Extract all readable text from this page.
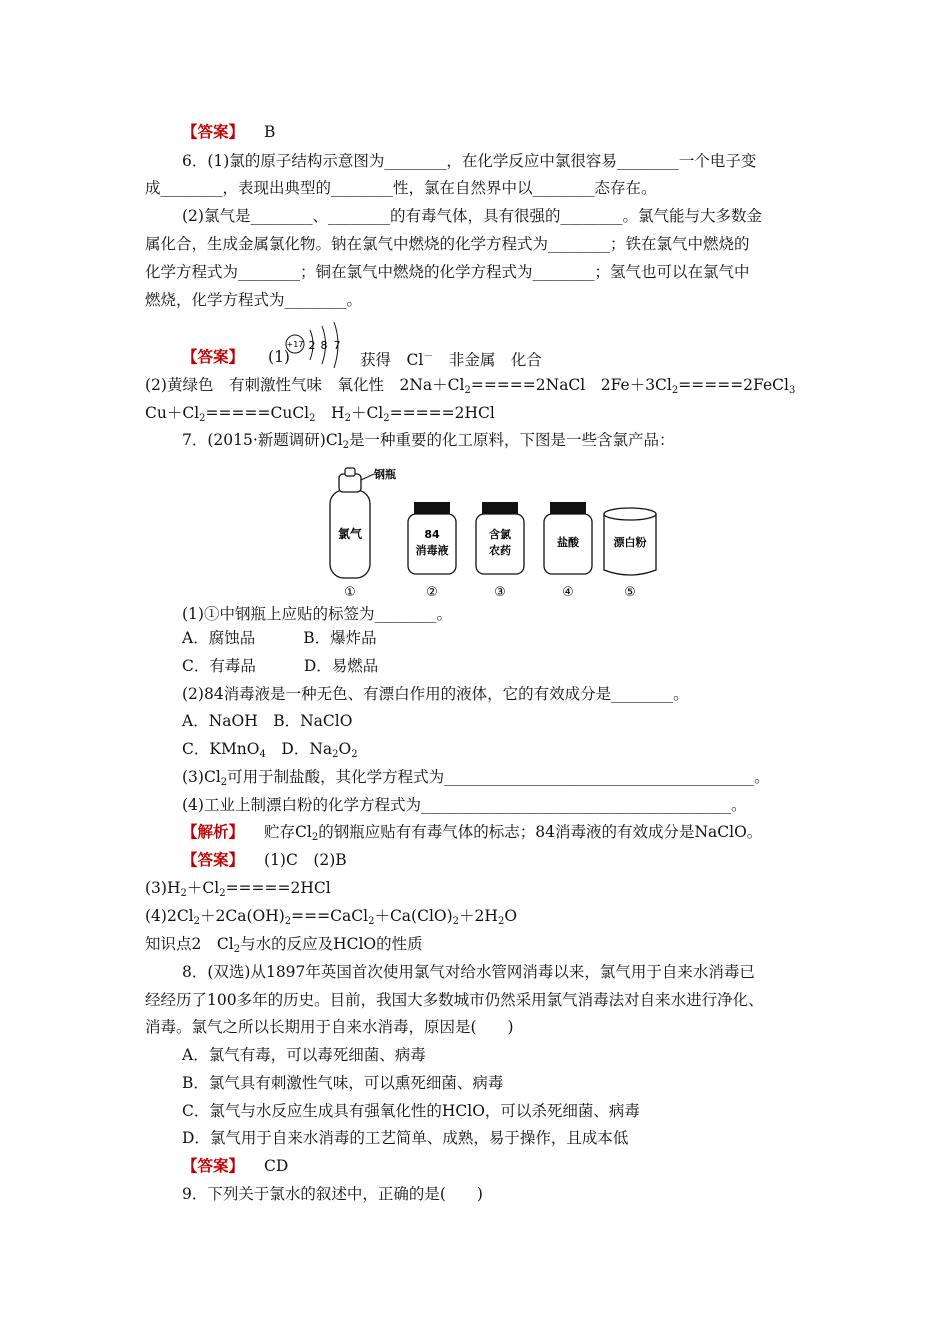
【答案】 B
6．(1)氯的原子结构示意图为________，在化学反应中氯很容易________一个电子变
成________，表现出典型的________性，氯在自然界中以________态存在。
(2)氯气是________、________的有毒气体，具有很强的________。氯气能与大多数金
属化合，生成金属氯化物。钠在氯气中燃烧的化学方程式为________；铁在氯气中燃烧的
化学方程式为________；铜在氯气中燃烧的化学方程式为________；氢气也可以在氯气中
燃烧，化学方程式为________。
【答案】 (1)
+17 2 8 7
获得　Cl－　非金属　化合
(2)黄绿色　有刺激性气味　氧化性　$2Na+Cl_2=====2NaCl$　$2Fe+3Cl_2=====2FeCl_3$
$Cu+Cl_2=====CuCl_2$　$H_2+Cl_2=====2HCl$
7．(2015·新题调研)$Cl_2$是一种重要的化工原料，下图是一些含氯产品：
钢瓶
氯气	84
消毒液
含氯
农药
盐酸	漂白粉
①	②	③	④	⑤
(1)①中钢瓶上应贴的标签为________。
A．腐蚀品	B．爆炸品
C．有毒品	D．易燃品
(2)84消毒液是一种无色、有漂白作用的液体，它的有效成分是________。
A．NaOH　B．NaClO
C．KMnO$_4$　D．$Na_2O_2$
$(3)Cl_2$可用于制盐酸，其化学方程式为________________________________________。
(4)工业上制漂白粉的化学方程式为________________________________________。
【解析】 贮存$Cl_2$的钢瓶应贴有有毒气体的标志；84消毒液的有效成分是NaClO。
【答案】 (1)C　(2)B
$(3)H_2+Cl_2=====2HCl$
$(4)2Cl_2+2Ca(OH)_2===CaCl_2+Ca(ClO)_2+2H_2O$
知识点2　$Cl_2$与水的反应及HClO的性质
8．(双选)从1897年英国首次使用氯气对给水管网消毒以来，氯气用于自来水消毒已
经经历了100多年的历史。目前，我国大多数城市仍然采用氯气消毒法对自来水进行净化、
消毒。氯气之所以长期用于自来水消毒，原因是(　　)
A．氯气有毒，可以毒死细菌、病毒
B．氯气具有刺激性气味，可以熏死细菌、病毒
C．氯气与水反应生成具有强氧化性的HClO，可以杀死细菌、病毒
D．氯气用于自来水消毒的工艺简单、成熟，易于操作，且成本低
【答案】 CD
9．下列关于氯水的叙述中，正确的是(　　)
